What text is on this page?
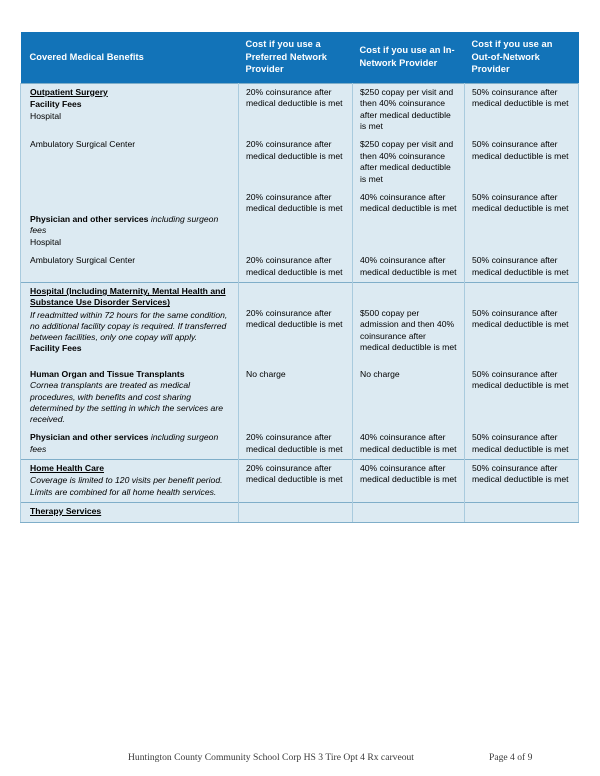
Covered Medical Benefits	Cost if you use a Preferred Network Provider	Cost if you use an In-Network Provider	Cost if you use an Out-of-Network Provider

Outpatient Surgery
Facility Fees
Hospital	20% coinsurance after medical deductible is met	$250 copay per visit and then 40% coinsurance after medical deductible is met	50% coinsurance after medical deductible is met

Ambulatory Surgical Center	20% coinsurance after medical deductible is met	$250 copay per visit and then 40% coinsurance after medical deductible is met	50% coinsurance after medical deductible is met

Physician and other services including surgeon fees
Hospital	20% coinsurance after medical deductible is met	40% coinsurance after medical deductible is met	50% coinsurance after medical deductible is met

Ambulatory Surgical Center	20% coinsurance after medical deductible is met	40% coinsurance after medical deductible is met	50% coinsurance after medical deductible is met

Hospital (Including Maternity, Mental Health and Substance Use Disorder Services)
If readmitted within 72 hours for the same condition, no additional facility copay is required. If transferred between facilities, only one copay will apply.
Facility Fees	20% coinsurance after medical deductible is met	$500 copay per admission and then 40% coinsurance after medical deductible is met	50% coinsurance after medical deductible is met

Human Organ and Tissue Transplants
Cornea transplants are treated as medical procedures, with benefits and cost sharing determined by the setting in which the services are received.	No charge	No charge	50% coinsurance after medical deductible is met

Physician and other services including surgeon fees	20% coinsurance after medical deductible is met	40% coinsurance after medical deductible is met	50% coinsurance after medical deductible is met

Home Health Care
Coverage is limited to 120 visits per benefit period. Limits are combined for all home health services.	20% coinsurance after medical deductible is met	40% coinsurance after medical deductible is met	50% coinsurance after medical deductible is met

Therapy Services			

Huntington County Community School Corp HS 3 Tire Opt 4 Rx carveout	Page 4 of 9
